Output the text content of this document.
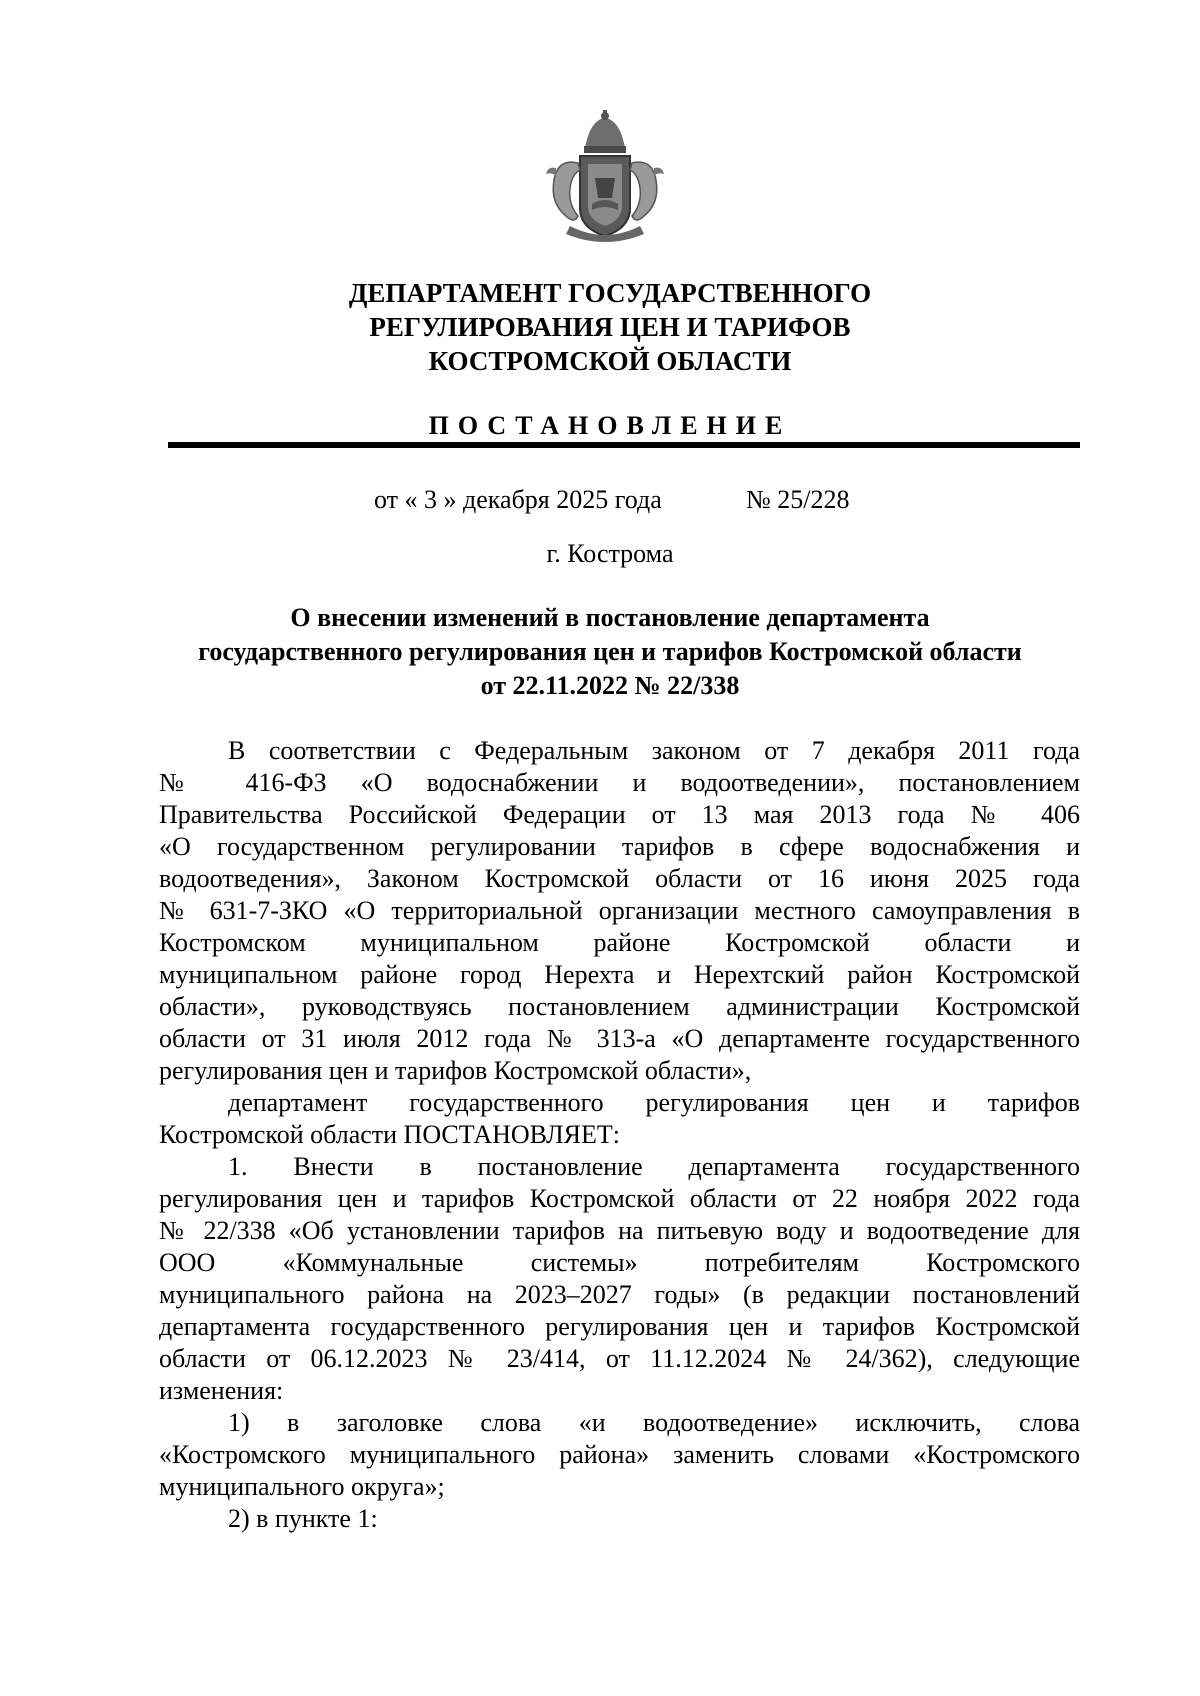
ДЕПАРТАМЕНТ ГОСУДАРСТВЕННОГО
РЕГУЛИРОВАНИЯ ЦЕН И ТАРИФОВ
КОСТРОМСКОЙ ОБЛАСТИ
ПОСТАНОВЛЕНИЕ
от « 3 » декабря 2025 года	№ 25/228
г. Кострома
О внесении изменений в постановление департамента
государственного регулирования цен и тарифов Костромской области
от 22.11.2022 № 22/338
В соответствии с Федеральным законом от 7 декабря 2011 года
№ 416-ФЗ «О водоснабжении и водоотведении», постановлением
Правительства Российской Федерации от 13 мая 2013 года № 406
«О государственном регулировании тарифов в сфере водоснабжения и
водоотведения», Законом Костромской области от 16 июня 2025 года
№ 631-7-ЗКО «О территориальной организации местного самоуправления в
Костромском муниципальном районе Костромской области и
муниципальном районе город Нерехта и Нерехтский район Костромской
области», руководствуясь постановлением администрации Костромской
области от 31 июля 2012 года № 313-а «О департаменте государственного
регулирования цен и тарифов Костромской области»,
департамент государственного регулирования цен и тарифов
Костромской области ПОСТАНОВЛЯЕТ:
1. Внести в постановление департамента государственного
регулирования цен и тарифов Костромской области от 22 ноября 2022 года
№ 22/338 «Об установлении тарифов на питьевую воду и водоотведение для
ООО «Коммунальные системы» потребителям Костромского
муниципального района на 2023–2027 годы» (в редакции постановлений
департамента государственного регулирования цен и тарифов Костромской
области от 06.12.2023 № 23/414, от 11.12.2024 № 24/362), следующие
изменения:
1) в заголовке слова «и водоотведение» исключить, слова
«Костромского муниципального района» заменить словами «Костромского
муниципального округа»;
2) в пункте 1:
